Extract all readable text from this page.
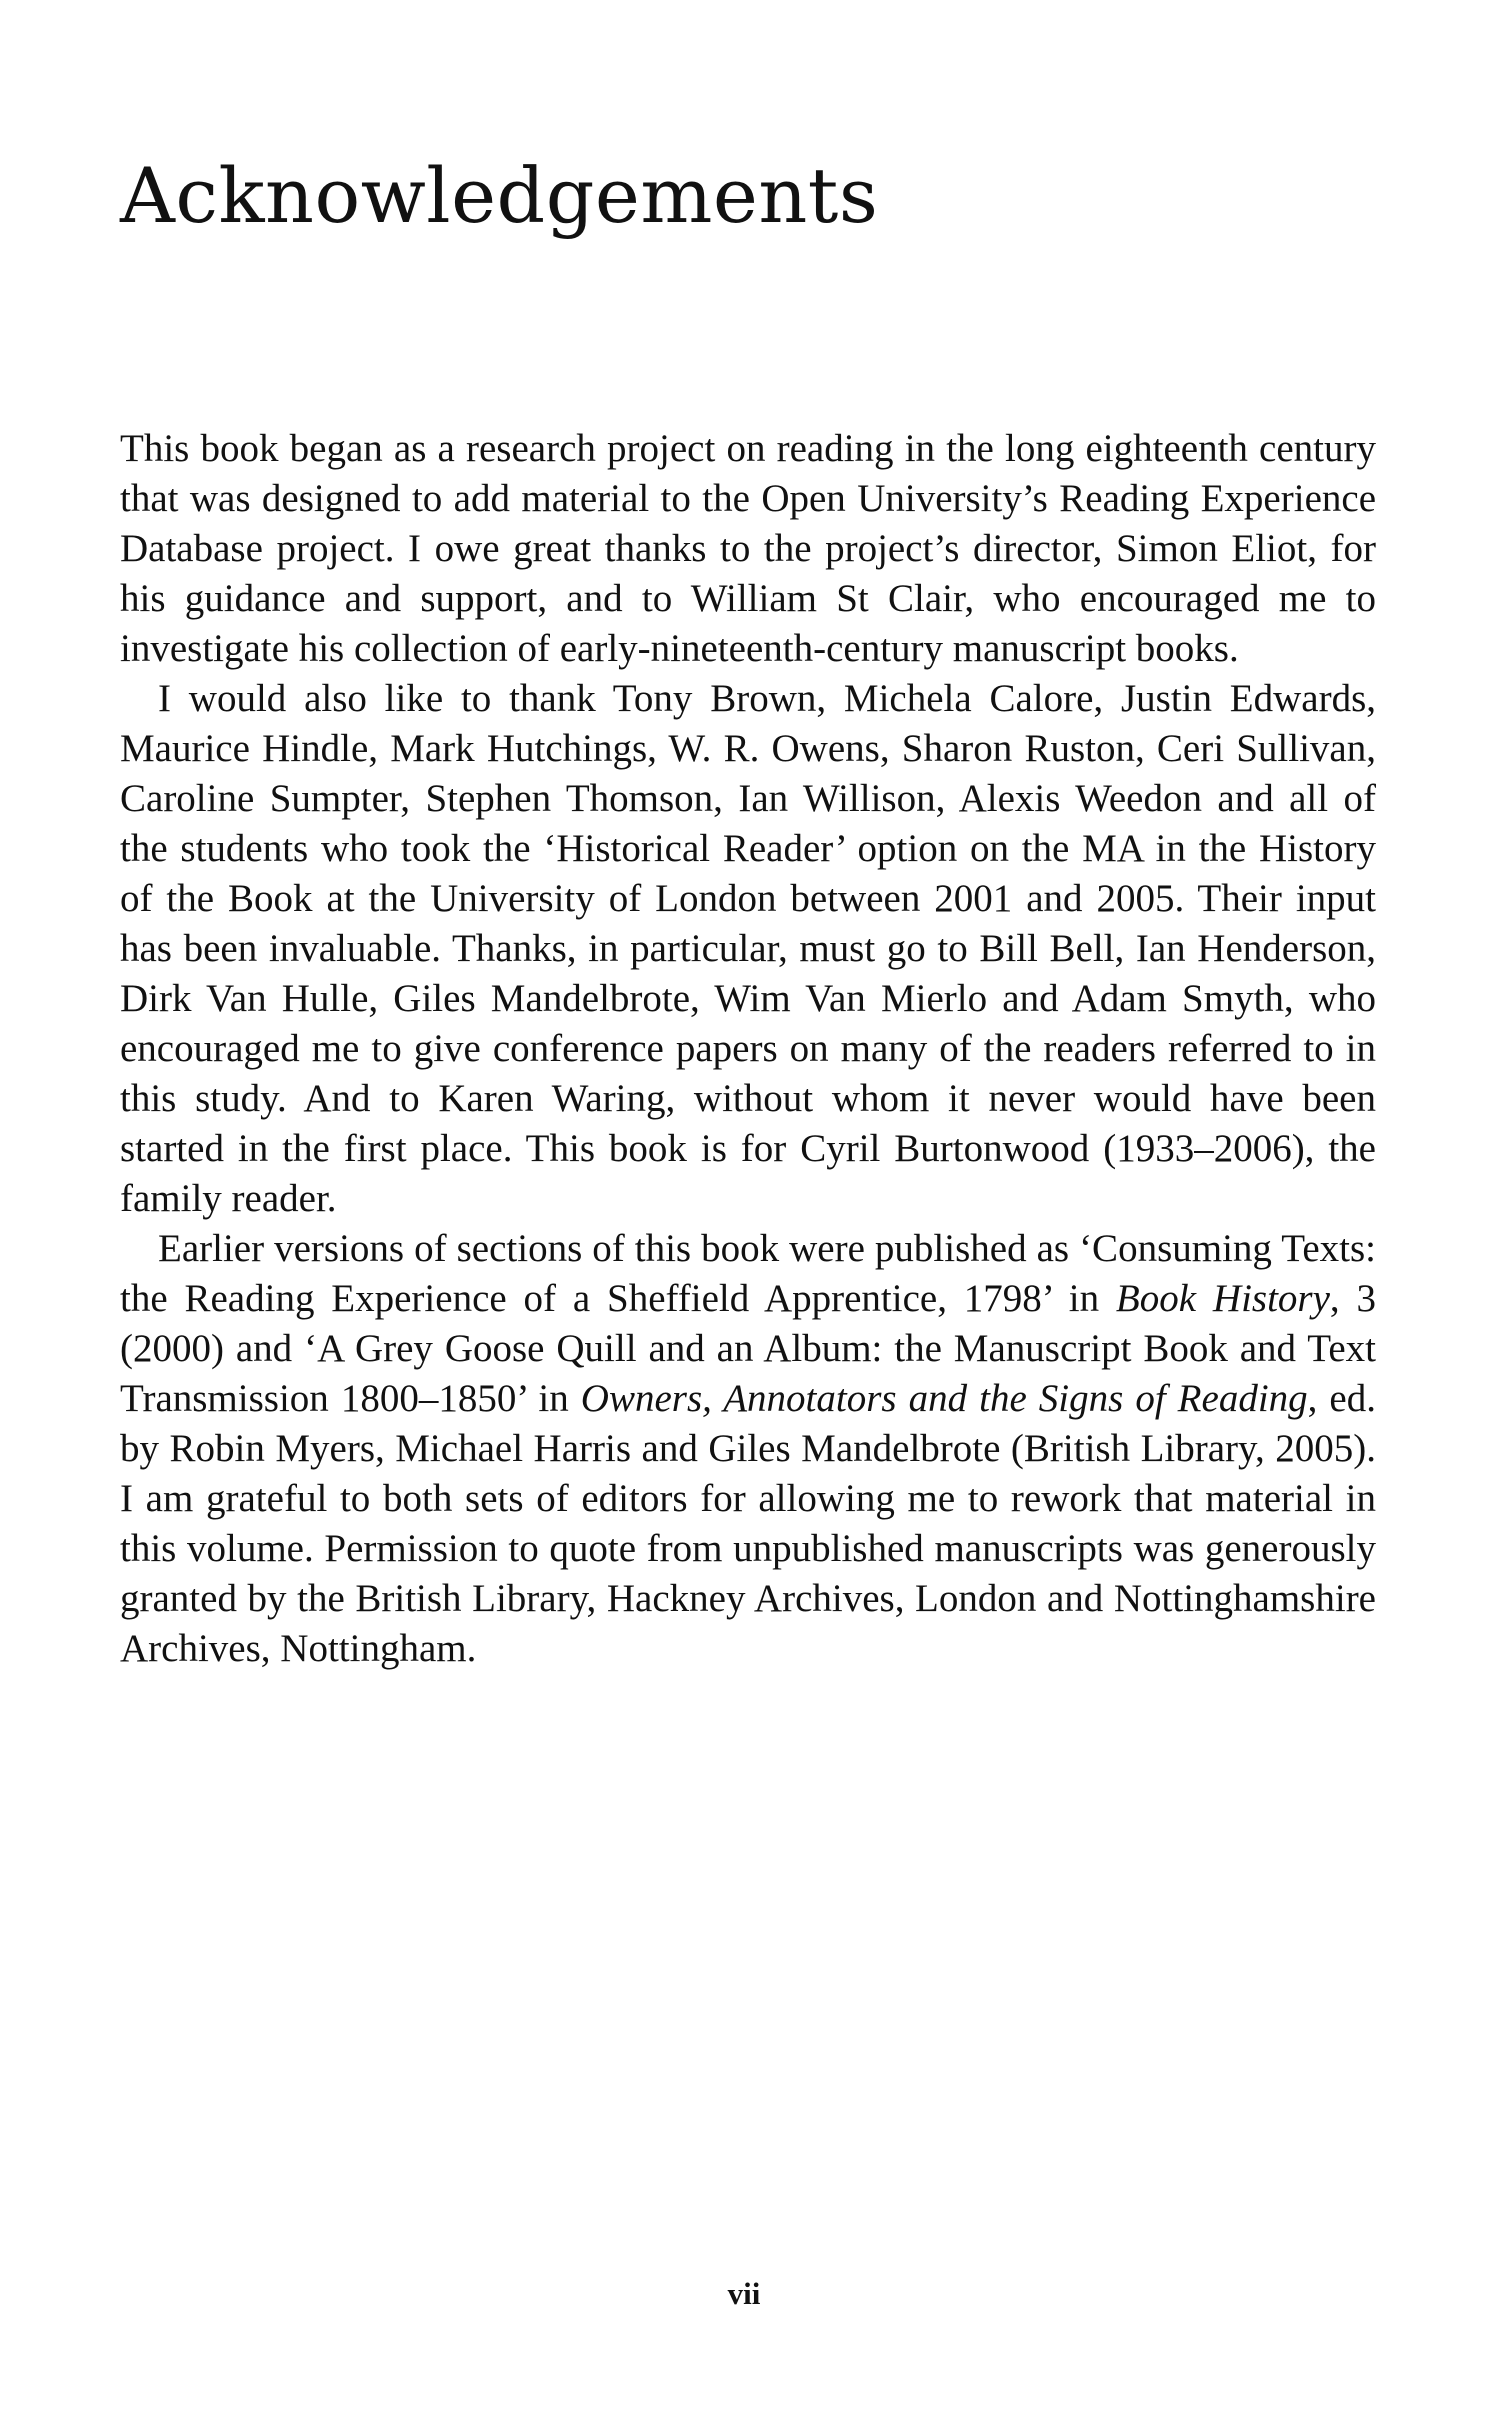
Acknowledgements

This book began as a research project on reading in the long eighteenth century that was designed to add material to the Open University’s Reading Experience Database project. I owe great thanks to the project’s director, Simon Eliot, for his guidance and support, and to William St Clair, who encouraged me to investigate his collection of early-nineteenth-century manuscript books.

I would also like to thank Tony Brown, Michela Calore, Justin Edwards, Maurice Hindle, Mark Hutchings, W. R. Owens, Sharon Ruston, Ceri Sullivan, Caroline Sumpter, Stephen Thomson, Ian Willison, Alexis Weedon and all of the students who took the ‘Historical Reader’ option on the MA in the History of the Book at the University of London between 2001 and 2005. Their input has been invaluable. Thanks, in particular, must go to Bill Bell, Ian Henderson, Dirk Van Hulle, Giles Mandelbrote, Wim Van Mierlo and Adam Smyth, who encouraged me to give conference papers on many of the readers referred to in this study. And to Karen Waring, without whom it never would have been started in the first place. This book is for Cyril Burtonwood (1933–2006), the family reader.

Earlier versions of sections of this book were published as ‘Consuming Texts: the Reading Experience of a Sheffield Apprentice, 1798’ in Book History, 3 (2000) and ‘A Grey Goose Quill and an Album: the Manuscript Book and Text Transmission 1800–1850’ in Owners, Annotators and the Signs of Reading, ed. by Robin Myers, Michael Harris and Giles Mandelbrote (British Library, 2005). I am grateful to both sets of editors for allowing me to rework that material in this volume. Permission to quote from unpublished manuscripts was generously granted by the British Library, Hackney Archives, London and Nottinghamshire Archives, Nottingham.

vii
